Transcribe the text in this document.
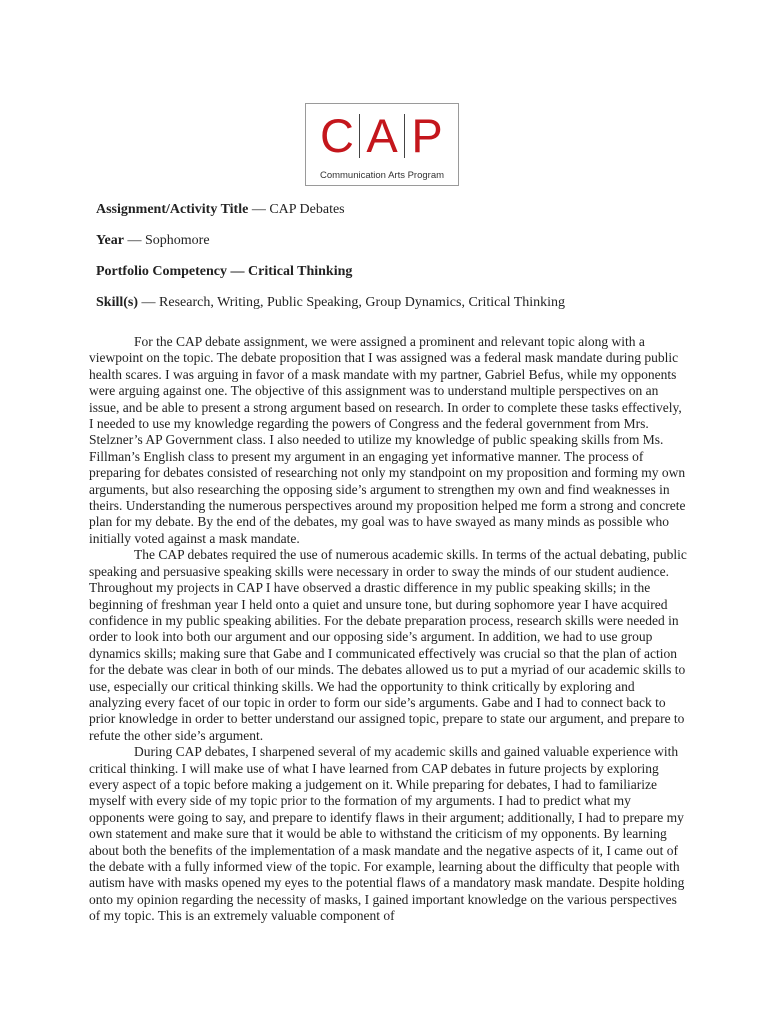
C A P
Communication Arts Program
Assignment/Activity Title — CAP Debates
Year — Sophomore
Portfolio Competency — Critical Thinking
Skill(s) — Research, Writing, Public Speaking, Group Dynamics, Critical Thinking

For the CAP debate assignment, we were assigned a prominent and relevant topic along with a viewpoint on the topic. The debate proposition that I was assigned was a federal mask mandate during public health scares. I was arguing in favor of a mask mandate with my partner, Gabriel Befus, while my opponents were arguing against one. The objective of this assignment was to understand multiple perspectives on an issue, and be able to present a strong argument based on research. In order to complete these tasks effectively, I needed to use my knowledge regarding the powers of Congress and the federal government from Mrs. Stelzner’s AP Government class. I also needed to utilize my knowledge of public speaking skills from Ms. Fillman’s English class to present my argument in an engaging yet informative manner. The process of preparing for debates consisted of researching not only my standpoint on my proposition and forming my own arguments, but also researching the opposing side’s argument to strengthen my own and find weaknesses in theirs. Understanding the numerous perspectives around my proposition helped me form a strong and concrete plan for my debate. By the end of the debates, my goal was to have swayed as many minds as possible who initially voted against a mask mandate.

The CAP debates required the use of numerous academic skills. In terms of the actual debating, public speaking and persuasive speaking skills were necessary in order to sway the minds of our student audience. Throughout my projects in CAP I have observed a drastic difference in my public speaking skills; in the beginning of freshman year I held onto a quiet and unsure tone, but during sophomore year I have acquired confidence in my public speaking abilities. For the debate preparation process, research skills were needed in order to look into both our argument and our opposing side’s argument. In addition, we had to use group dynamics skills; making sure that Gabe and I communicated effectively was crucial so that the plan of action for the debate was clear in both of our minds. The debates allowed us to put a myriad of our academic skills to use, especially our critical thinking skills. We had the opportunity to think critically by exploring and analyzing every facet of our topic in order to form our side’s arguments. Gabe and I had to connect back to prior knowledge in order to better understand our assigned topic, prepare to state our argument, and prepare to refute the other side’s argument.

During CAP debates, I sharpened several of my academic skills and gained valuable experience with critical thinking. I will make use of what I have learned from CAP debates in future projects by exploring every aspect of a topic before making a judgement on it. While preparing for debates, I had to familiarize myself with every side of my topic prior to the formation of my arguments. I had to predict what my opponents were going to say, and prepare to identify flaws in their argument; additionally, I had to prepare my own statement and make sure that it would be able to withstand the criticism of my opponents. By learning about both the benefits of the implementation of a mask mandate and the negative aspects of it, I came out of the debate with a fully informed view of the topic. For example, learning about the difficulty that people with autism have with masks opened my eyes to the potential flaws of a mandatory mask mandate. Despite holding onto my opinion regarding the necessity of masks, I gained important knowledge on the various perspectives of my topic. This is an extremely valuable component of
